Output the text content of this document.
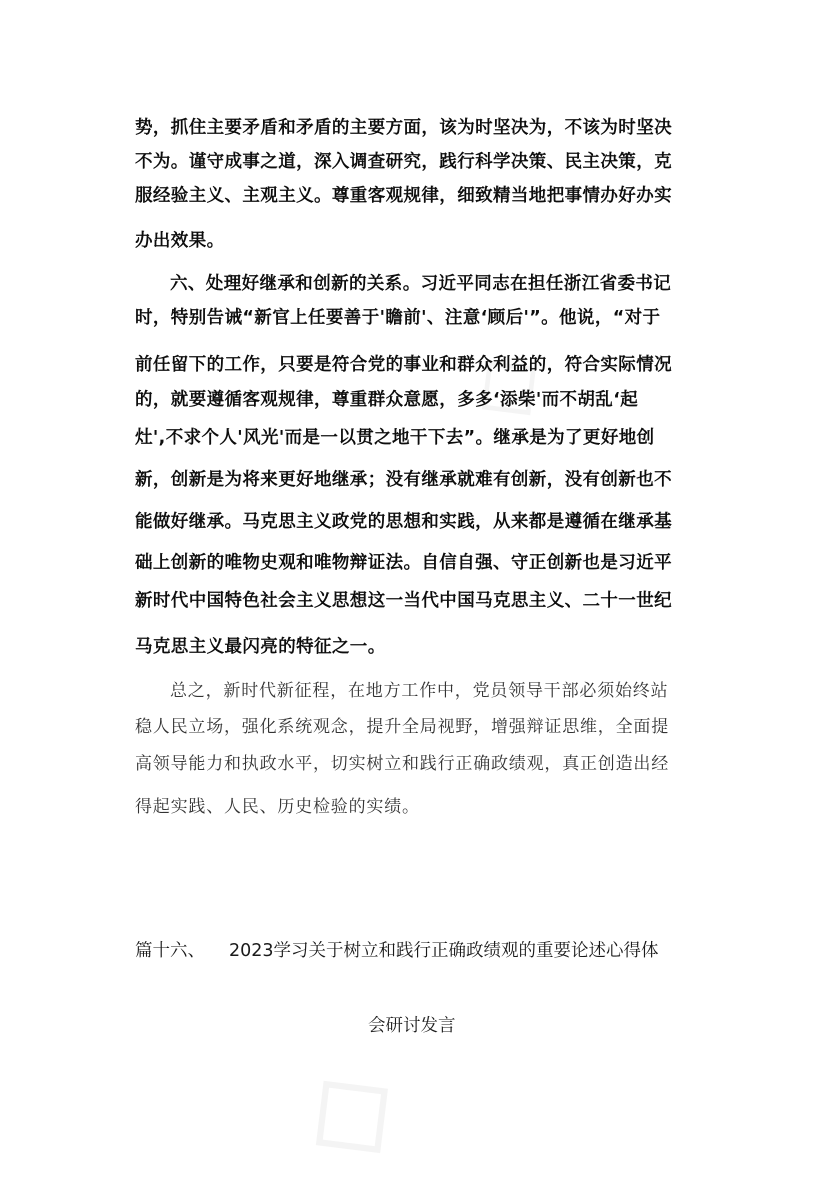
势，抓住主要矛盾和矛盾的主要方面，该为时坚决为，不该为时坚决
不为。谨守成事之道，深入调查研究，践行科学决策、民主决策，克
服经验主义、主观主义。尊重客观规律，细致精当地把事情办好办实
办出效果。
六、处理好继承和创新的关系。习近平同志在担任浙江省委书记
时，特别告诫“新官上任要善于'瞻前'、注意‘顾后'”。他说，“对于
前任留下的工作，只要是符合党的事业和群众利益的，符合实际情况
的，就要遵循客观规律，尊重群众意愿，多多‘添柴'而不胡乱‘起
灶',不求个人'风光'而是一以贯之地干下去”。继承是为了更好地创
新，创新是为将来更好地继承；没有继承就难有创新，没有创新也不
能做好继承。马克思主义政党的思想和实践，从来都是遵循在继承基
础上创新的唯物史观和唯物辩证法。自信自强、守正创新也是习近平
新时代中国特色社会主义思想这一当代中国马克思主义、二十一世纪
马克思主义最闪亮的特征之一。
总之，新时代新征程，在地方工作中，党员领导干部必须始终站
稳人民立场，强化系统观念，提升全局视野，增强辩证思维，全面提
高领导能力和执政水平，切实树立和践行正确政绩观，真正创造出经
得起实践、人民、历史检验的实绩。
篇十六、 2023学习关于树立和践行正确政绩观的重要论述心得体
会研讨发言
